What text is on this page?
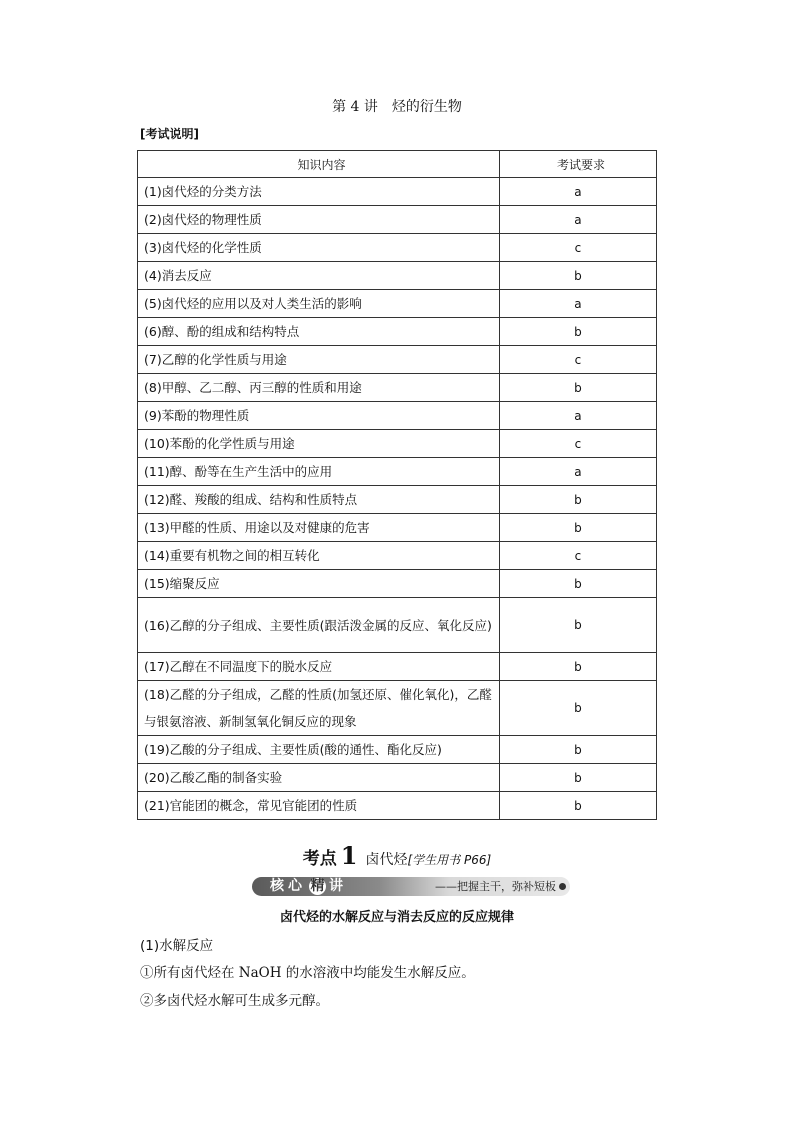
第 4 讲　烃的衍生物
[考试说明]
知识内容	考试要求
(1)卤代烃的分类方法	a
(2)卤代烃的物理性质	a
(3)卤代烃的化学性质	c
(4)消去反应	b
(5)卤代烃的应用以及对人类生活的影响	a
(6)醇、酚的组成和结构特点	b
(7)乙醇的化学性质与用途	c
(8)甲醇、乙二醇、丙三醇的性质和用途	b
(9)苯酚的物理性质	a
(10)苯酚的化学性质与用途	c
(11)醇、酚等在生产生活中的应用	a
(12)醛、羧酸的组成、结构和性质特点	b
(13)甲醛的性质、用途以及对健康的危害	b
(14)重要有机物之间的相互转化	c
(15)缩聚反应	b
(16)乙醇的分子组成、主要性质(跟活泼金属的反应、氧化反应)	b
(17)乙醇在不同温度下的脱水反应	b
(18)乙醛的分子组成，乙醛的性质(加氢还原、催化氧化)，乙醛与银氨溶液、新制氢氧化铜反应的现象	b
(19)乙酸的分子组成、主要性质(酸的通性、酯化反应)	b
(20)乙酸乙酯的制备实验	b
(21)官能团的概念，常见官能团的性质	b
考点 1 卤代烃[学生用书 P66]
核心 精 讲	——把握主干，弥补短板
卤代烃的水解反应与消去反应的反应规律
(1)水解反应
①所有卤代烃在 NaOH 的水溶液中均能发生水解反应。
②多卤代烃水解可生成多元醇。
